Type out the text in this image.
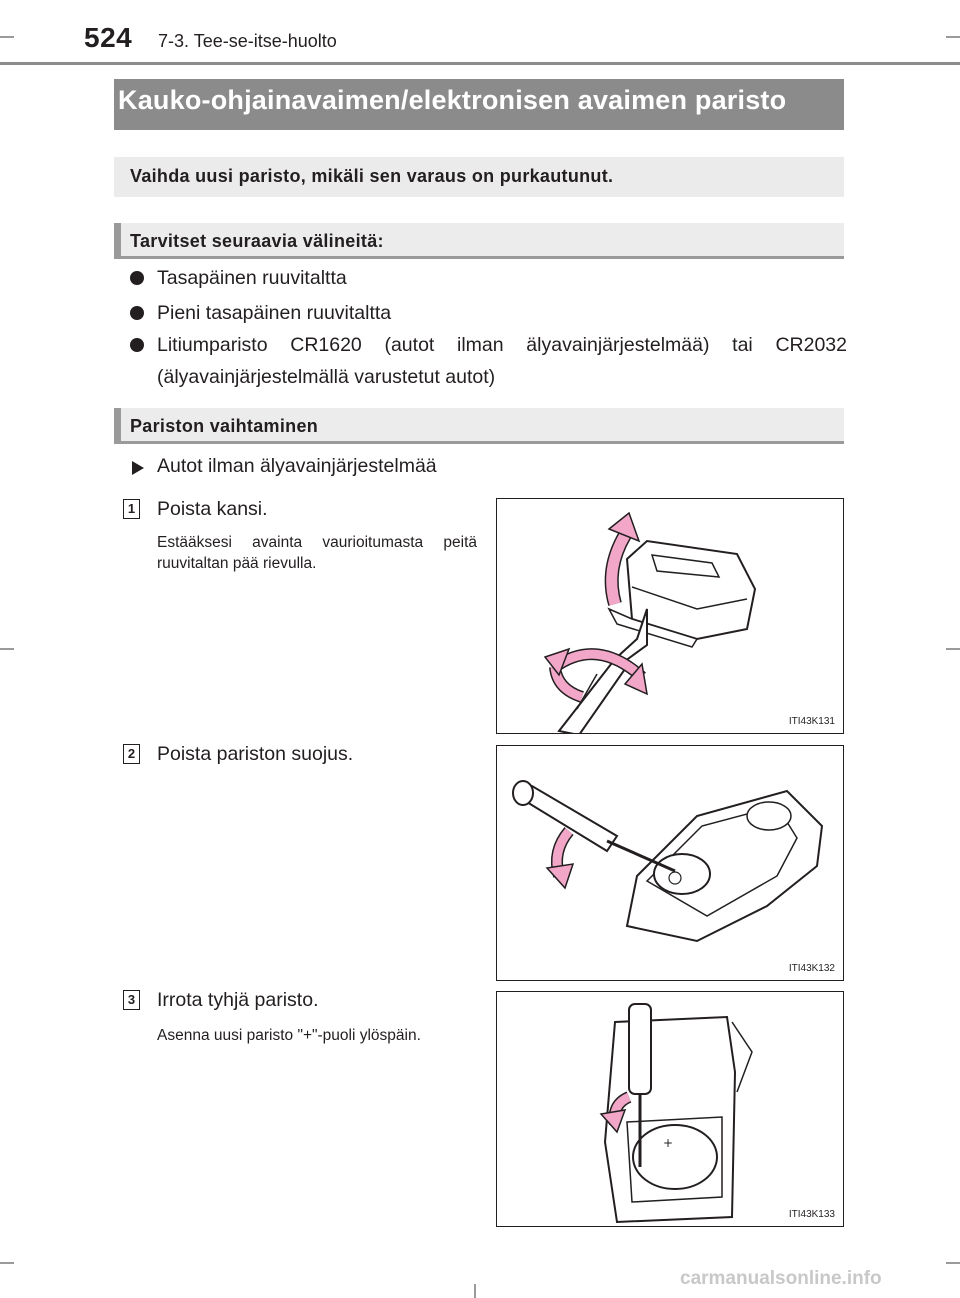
524 7-3. Tee-se-itse-huolto
Kauko-ohjainavaimen/elektronisen avaimen paristo
Vaihda uusi paristo, mikäli sen varaus on purkautunut.
Tarvitset seuraavia välineitä:
Tasapäinen ruuvitaltta
Pieni tasapäinen ruuvitaltta
Litiumparisto CR1620 (autot ilman älyavainjärjestelmää) tai CR2032 (älyavainjärjestelmällä varustetut autot)
Pariston vaihtaminen
Autot ilman älyavainjärjestelmää
1 Poista kansi.
Estääksesi avainta vaurioitumasta peitä ruuvitaltan pää rievulla.
ITI43K131
2 Poista pariston suojus.
ITI43K132
3 Irrota tyhjä paristo.
Asenna uusi paristo "+"-puoli ylöspäin.
+
ITI43K133
carmanualsonline.info
